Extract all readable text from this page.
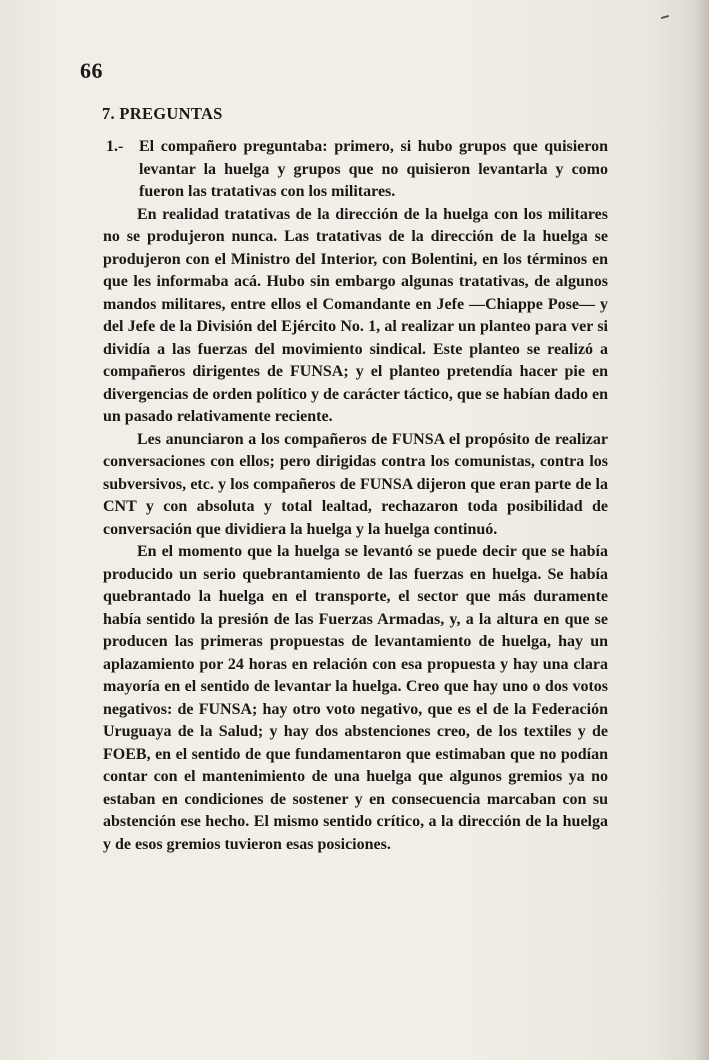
66
7. PREGUNTAS

1.- El compañero preguntaba: primero, si hubo grupos que quisieron levantar la huelga y grupos que no quisieron levantarla y como fueron las tratativas con los militares.

En realidad tratativas de la dirección de la huelga con los militares no se produjeron nunca. Las tratativas de la dirección de la huelga se produjeron con el Ministro del Interior, con Bolentini, en los términos en que les informaba acá. Hubo sin embargo algunas tratativas, de algunos mandos militares, entre ellos el Comandante en Jefe —Chiappe Pose— y del Jefe de la División del Ejército No. 1, al realizar un planteo para ver si dividía a las fuerzas del movimiento sindical. Este planteo se realizó a compañeros dirigentes de FUNSA; y el planteo pretendía hacer pie en divergencias de orden político y de carácter táctico, que se habían dado en un pasado relativamente reciente.

Les anunciaron a los compañeros de FUNSA el propósito de realizar conversaciones con ellos; pero dirigidas contra los comunistas, contra los subversivos, etc. y los compañeros de FUNSA dijeron que eran parte de la CNT y con absoluta y total lealtad, rechazaron toda posibilidad de conversación que dividiera la huelga y la huelga continuó.

En el momento que la huelga se levantó se puede decir que se había producido un serio quebrantamiento de las fuerzas en huelga. Se había quebrantado la huelga en el transporte, el sector que más duramente había sentido la presión de las Fuerzas Armadas, y, a la altura en que se producen las primeras propuestas de levantamiento de huelga, hay un aplazamiento por 24 horas en relación con esa propuesta y hay una clara mayoría en el sentido de levantar la huelga. Creo que hay uno o dos votos negativos: de FUNSA; hay otro voto negativo, que es el de la Federación Uruguaya de la Salud; y hay dos abstenciones creo, de los textiles y de FOEB, en el sentido de que fundamentaron que estimaban que no podían contar con el mantenimiento de una huelga que algunos gremios ya no estaban en condiciones de sostener y en consecuencia marcaban con su abstención ese hecho. El mismo sentido crítico, a la dirección de la huelga y de esos gremios tuvieron esas posiciones.
